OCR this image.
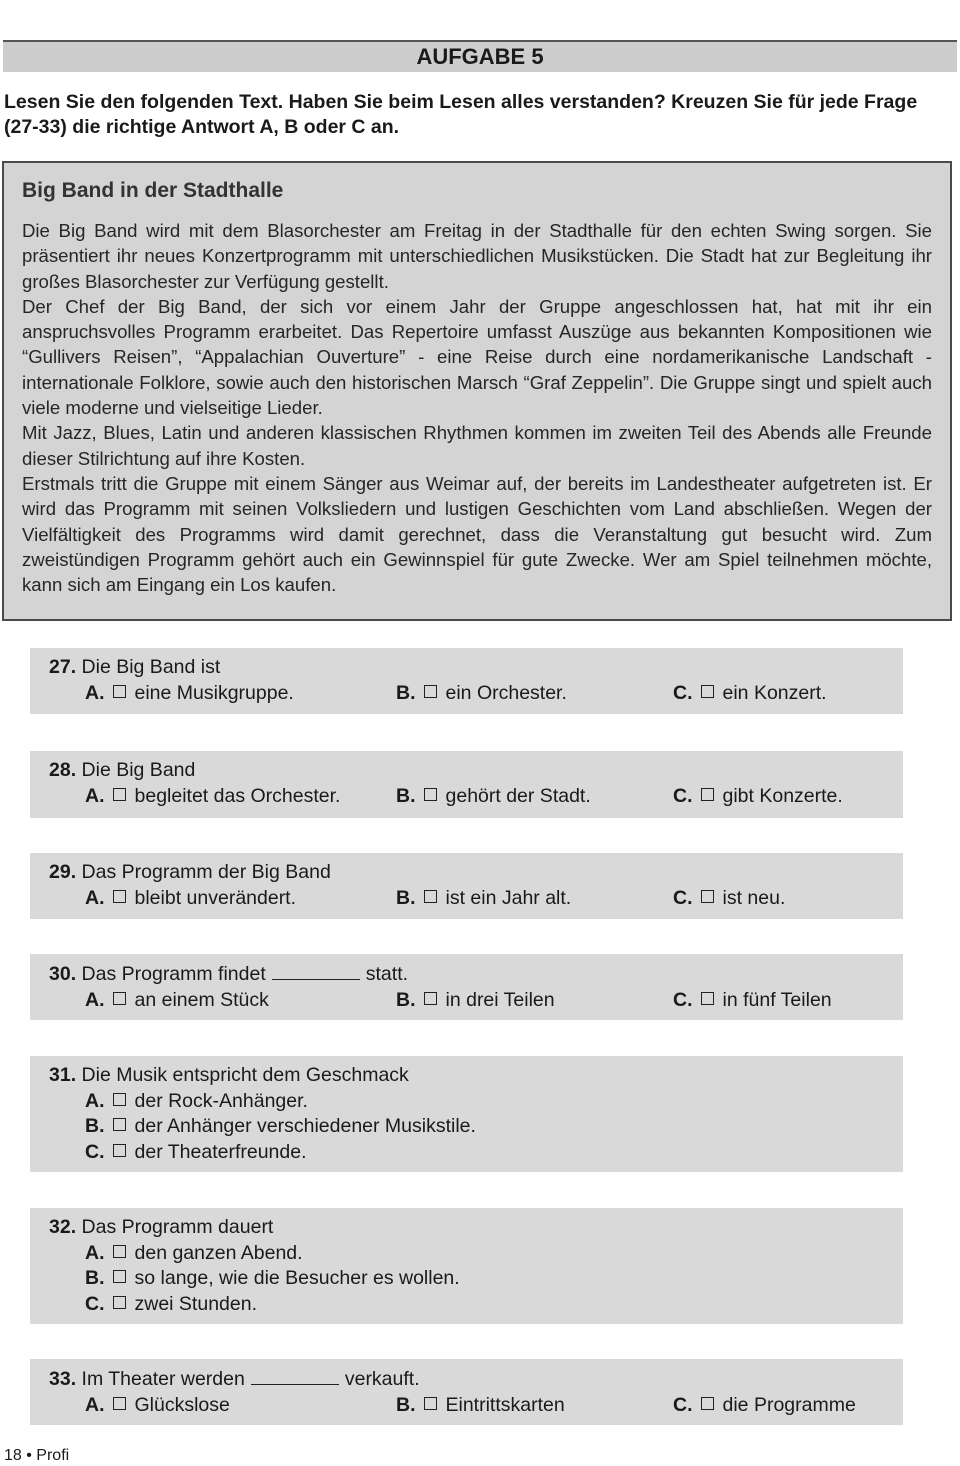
AUFGABE 5
Lesen Sie den folgenden Text. Haben Sie beim Lesen alles verstanden? Kreuzen Sie für jede Frage (27-33) die richtige Antwort A, B oder C an.
Big Band in der Stadthalle

Die Big Band wird mit dem Blasorchester am Freitag in der Stadthalle für den echten Swing sorgen. Sie präsentiert ihr neues Konzertprogramm mit unterschiedlichen Musikstücken. Die Stadt hat zur Begleitung ihr großes Blasorchester zur Verfügung gestellt.

Der Chef der Big Band, der sich vor einem Jahr der Gruppe angeschlossen hat, hat mit ihr ein anspruchsvolles Programm erarbeitet. Das Repertoire umfasst Auszüge aus bekannten Kompositionen wie “Gullivers Reisen”, “Appalachian Ouverture” - eine Reise durch eine nordamerikanische Landschaft - internationale Folklore, sowie auch den historischen Marsch “Graf Zeppelin”. Die Gruppe singt und spielt auch viele moderne und vielseitige Lieder.

Mit Jazz, Blues, Latin und anderen klassischen Rhythmen kommen im zweiten Teil des Abends alle Freunde dieser Stilrichtung auf ihre Kosten.

Erstmals tritt die Gruppe mit einem Sänger aus Weimar auf, der bereits im Landestheater aufgetreten ist. Er wird das Programm mit seinen Volksliedern und lustigen Geschichten vom Land abschließen. Wegen der Vielfältigkeit des Programms wird damit gerechnet, dass die Veranstaltung gut besucht wird. Zum zweistündigen Programm gehört auch ein Gewinnspiel für gute Zwecke. Wer am Spiel teilnehmen möchte, kann sich am Eingang ein Los kaufen.

27. Die Big Band ist
A. eine Musikgruppe.	B. ein Orchester.	C. ein Konzert.
28. Die Big Band
A. begleitet das Orchester.	B. gehört der Stadt.	C. gibt Konzerte.
29. Das Programm der Big Band
A. bleibt unverändert.	B. ist ein Jahr alt.	C. ist neu.
30. Das Programm findet	statt.
A. an einem Stück	B. in drei Teilen	C. in fünf Teilen
31. Die Musik entspricht dem Geschmack
A. der Rock-Anhänger.
B. der Anhänger verschiedener Musikstile.
C. der Theaterfreunde.
32. Das Programm dauert
A. den ganzen Abend.
B. so lange, wie die Besucher es wollen.
C. zwei Stunden.
33. Im Theater werden	verkauft.
A. Glückslose	B. Eintrittskarten	C. die Programme
18 • Profi
